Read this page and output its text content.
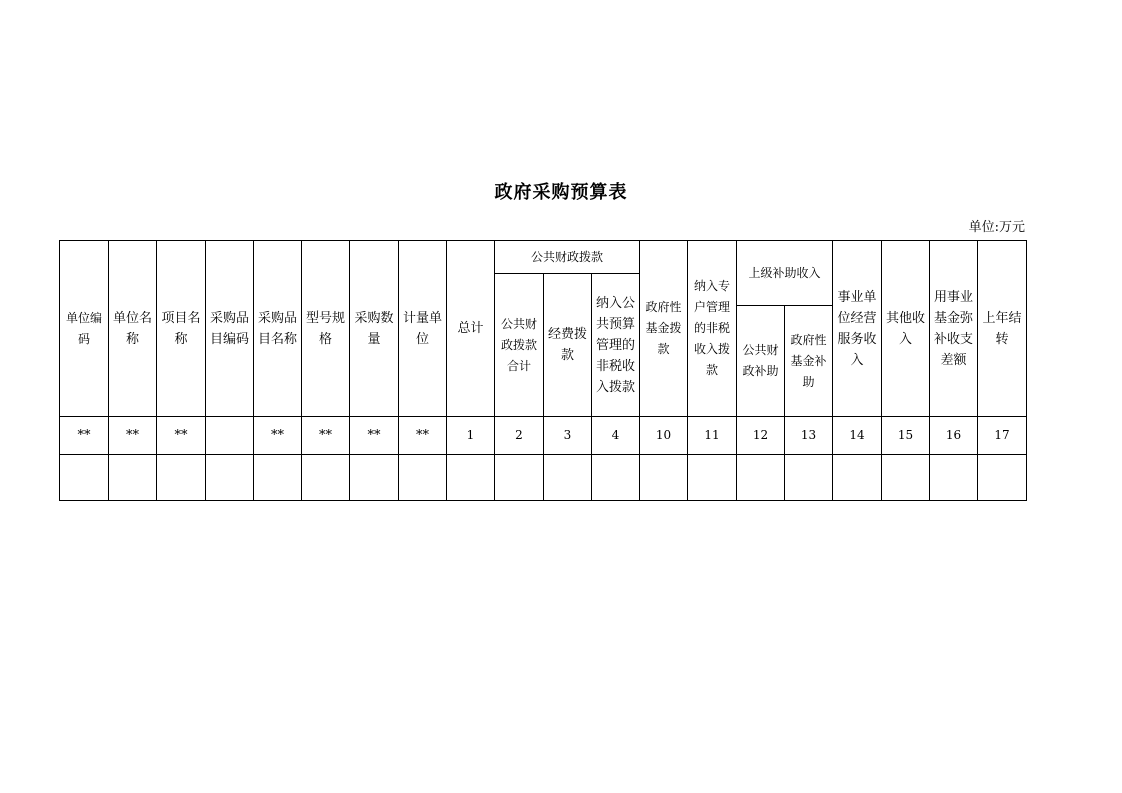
政府采购预算表
单位:万元
单位编码	单位名称	项目名称	采购品目编码	采购品目名称	型号规格	采购数量	计量单位	总计	公共财政拨款			政府性基金拨款	纳入专户管理的非税收入拨款	上级补助收入		事业单位经营服务收入	其他收入	用事业基金弥补收支差额	上年结转
									公共财政拨款合计	经费拨款	纳入公共预算管理的非税收入拨款								
														公共财政补助	政府性基金补助				
**	**	**		**	**	**	**	1	2	3	4	10	11	12	13	14	15	16	17
